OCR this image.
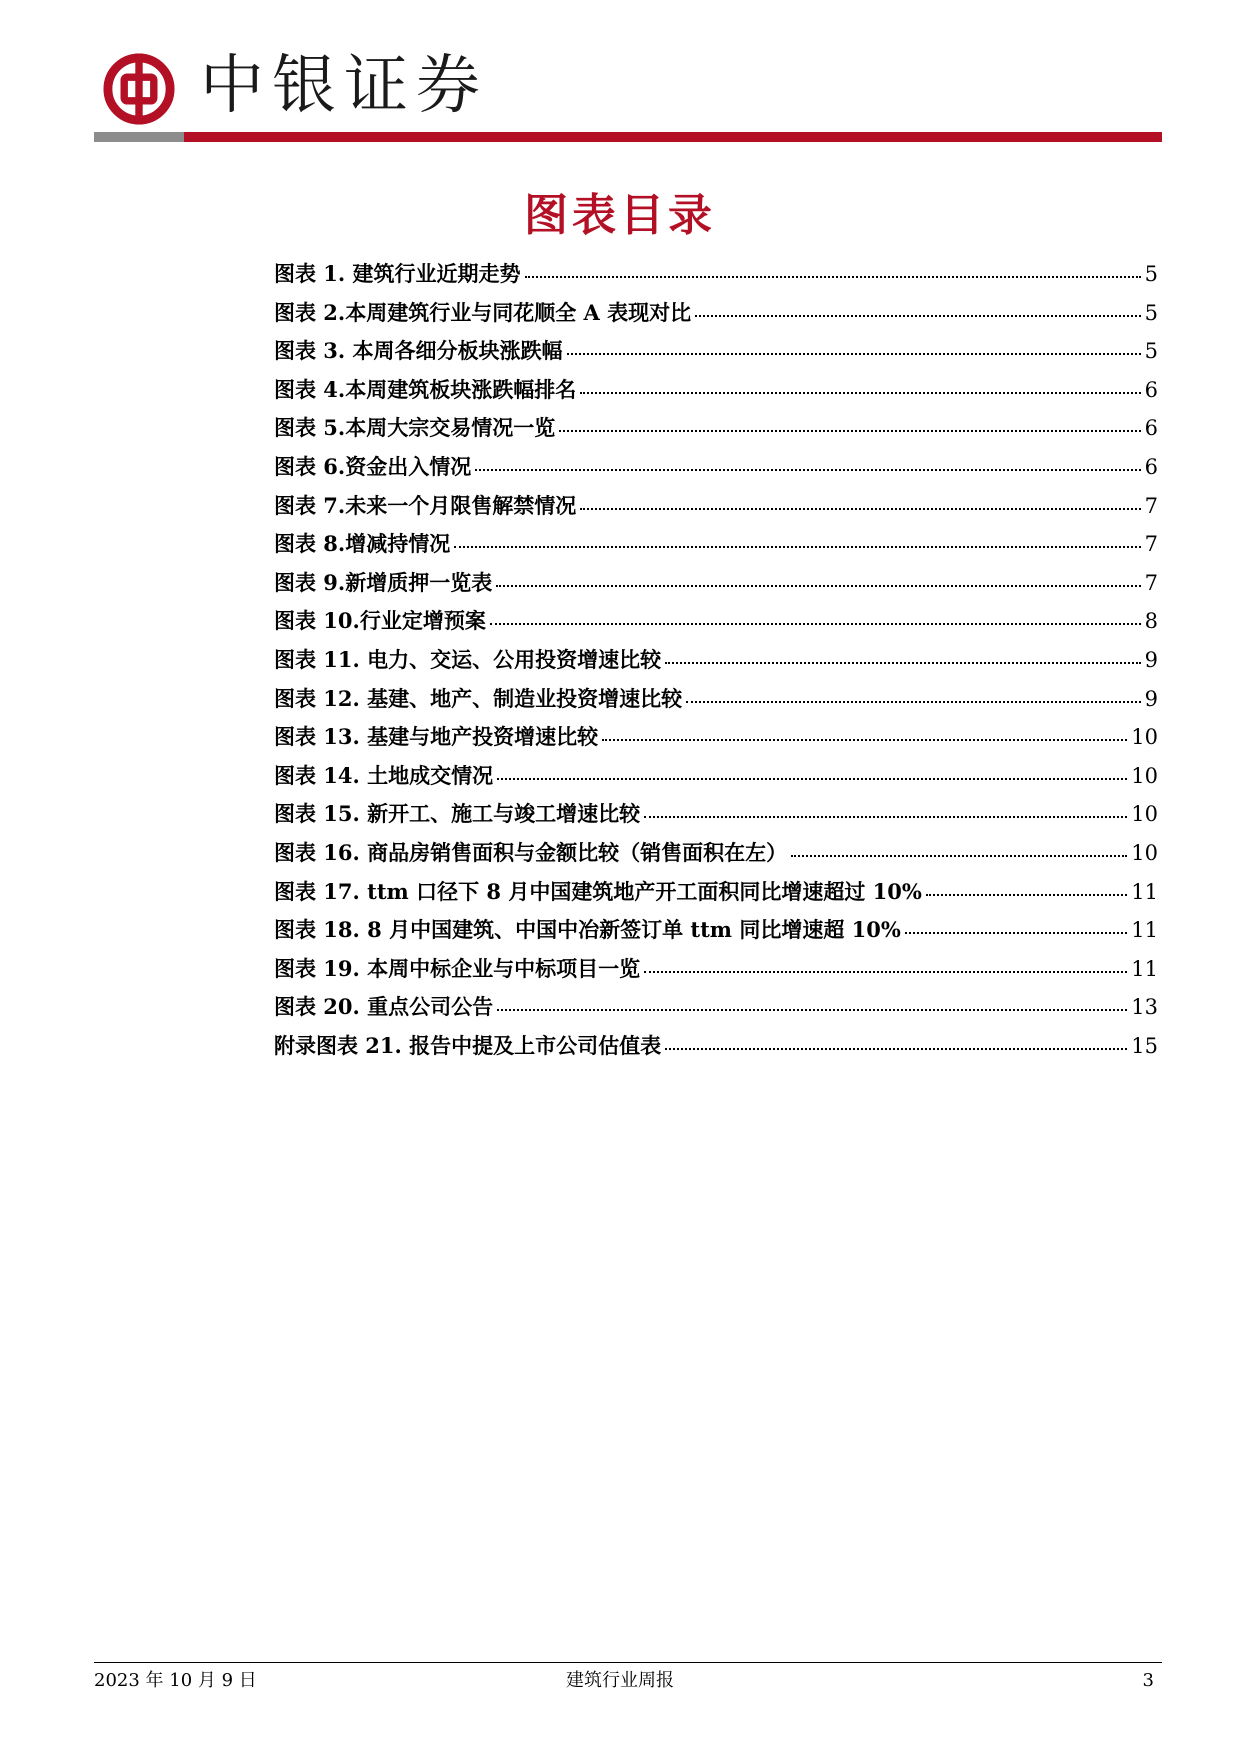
中银证券
图表目录
图表 1. 建筑行业近期走势	5
图表 2.本周建筑行业与同花顺全 A 表现对比	5
图表 3. 本周各细分板块涨跌幅	5
图表 4.本周建筑板块涨跌幅排名	6
图表 5.本周大宗交易情况一览	6
图表 6.资金出入情况	6
图表 7.未来一个月限售解禁情况	7
图表 8.增减持情况	7
图表 9.新增质押一览表	7
图表 10.行业定增预案	8
图表 11. 电力、交运、公用投资增速比较	9
图表 12. 基建、地产、制造业投资增速比较	9
图表 13. 基建与地产投资增速比较	10
图表 14. 土地成交情况	10
图表 15. 新开工、施工与竣工增速比较	10
图表 16. 商品房销售面积与金额比较（销售面积在左）	10
图表 17. ttm 口径下 8 月中国建筑地产开工面积同比增速超过 10%	11
图表 18. 8 月中国建筑、中国中冶新签订单 ttm 同比增速超 10%	11
图表 19. 本周中标企业与中标项目一览	11
图表 20. 重点公司公告	13
附录图表 21. 报告中提及上市公司估值表	15
2023 年 10 月 9 日	建筑行业周报	3
